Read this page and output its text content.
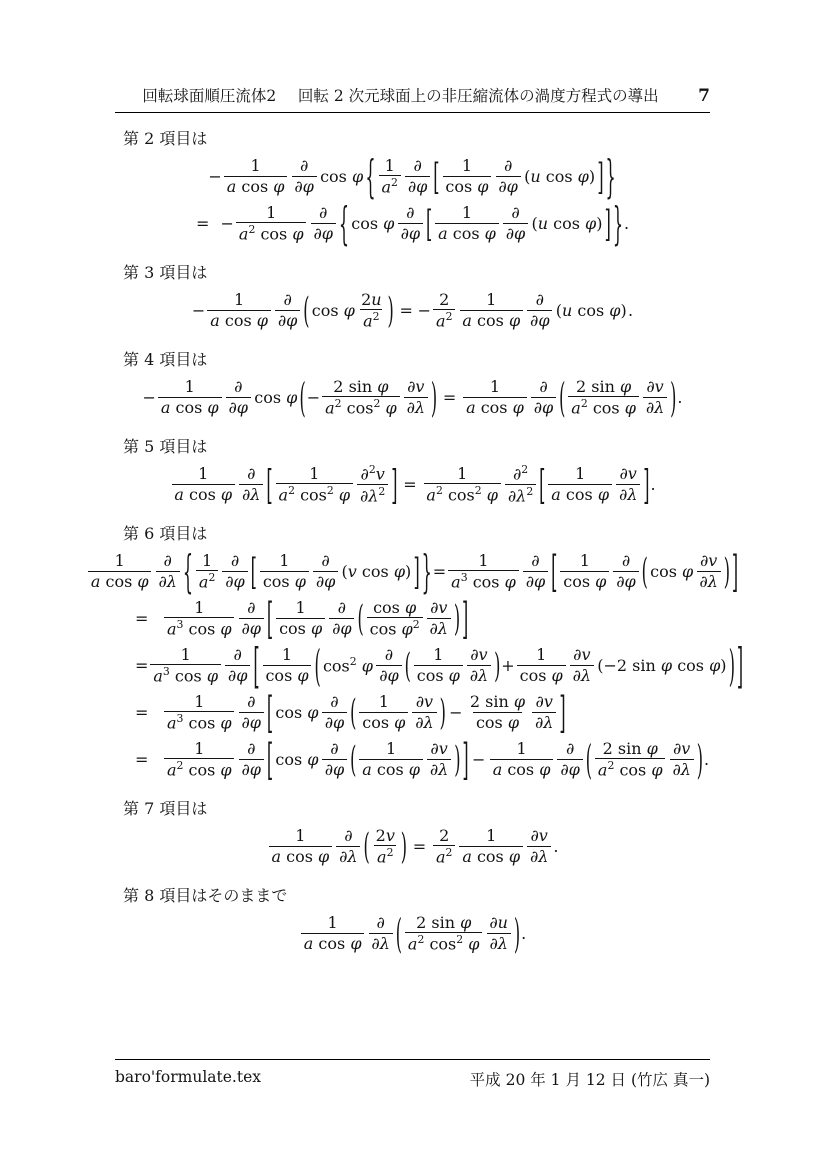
回転球面順圧流体2 回転 2 次元球面上の非圧縮流体の渦度方程式の導出	7
第 2 項目は
− $\frac{1}{\text{a cos φ}} \frac{\partial}{\partial\varphi}$ cos φ { $\frac{1}{a^2} \frac{\partial}{\partial\varphi}$ [ $\frac{1}{\text{cos φ}} \frac{\partial}{\partial\varphi} (u$ cos φ) ] }
= − $\frac{1}{a^2 \cos \varphi} \frac{\partial}{\partial\varphi}$ { cos φ $\frac{\partial}{\partial\varphi}$ [ $\frac{1}{\text{a cos φ}} \frac{\partial}{\partial\varphi} (u$ cos φ) ] } .
第 3 項目は
− $\frac{1}{\text{a cos φ}} \frac{\partial}{\partial\varphi}$ ( cos φ $\frac{2u}{a^2}$ ) = − $\frac{2}{a^2} \frac{1}{\text{a cos φ}} \frac{\partial}{\partial\varphi} (u$ cos φ) .
第 4 項目は
− $\frac{1}{\text{a cos φ}} \frac{\partial}{\partial\varphi}$ cos φ ( − $\frac{\text{2 sin φ}}{a^2 \cos^2 \varphi} \frac{\partial v}{\partial\lambda}$ ) = $\frac{1}{\text{a cos φ}} \frac{\partial}{\partial\varphi}$ ( $\frac{\text{2 sin φ}}{a^2 \cos \varphi} \frac{\partial v}{\partial\lambda}$ ) .
第 5 項目は
$\frac{1}{\text{a cos φ}} \frac{\partial}{\partial\lambda}$ [ $\frac{1}{a^2 \cos^2 \varphi} \frac{\partial^2v}{\partial\lambda^2}$ ] = $\frac{1}{a^2 \cos^2 \varphi} \frac{\partial^2}{\partial\lambda^2}$ [ $\frac{1}{\text{a cos φ}} \frac{\partial v}{\partial\lambda}$ ] .
第 6 項目は
$\frac{1}{\text{a cos φ}} \frac{\partial}{\partial\lambda}$ { $\frac{1}{a^2} \frac{\partial}{\partial\varphi}$ [ $\frac{1}{\text{cos φ}} \frac{\partial}{\partial\varphi} (v$ cos φ) ] } = $\frac{1}{a^3 \cos \varphi} \frac{\partial}{\partial\varphi}$ [ $\frac{1}{\text{cos φ}} \frac{\partial}{\partial\varphi}$ ( cos φ $\frac{\partial v}{\partial\lambda}$ ) ]
= $\frac{1}{a^3 \cos \varphi} \frac{\partial}{\partial\varphi}$ [ $\frac{1}{\text{cos φ}} \frac{\partial}{\partial\varphi}$ ( $\frac{\text{cos φ}}{\cos \varphi^2} \frac{\partial v}{\partial\lambda}$ ) ]
= $\frac{1}{a^3 \cos \varphi} \frac{\partial}{\partial\varphi}$ [ $\frac{1}{\text{cos φ}}$ ( $\cos^2 \varphi \frac{\partial}{\partial\varphi}$ ( $\frac{1}{\text{cos φ}} \frac{\partial v}{\partial\lambda}$ ) + $\frac{1}{\text{cos φ}} \frac{\partial v}{\partial\lambda} (-2$ sin φ cos φ) ) ]
= $\frac{1}{a^3 \cos \varphi} \frac{\partial}{\partial\varphi}$ [ cos φ $\frac{\partial}{\partial\varphi}$ ( $\frac{1}{\text{cos φ}} \frac{\partial v}{\partial\lambda}$ ) − $\frac{\text{2 sin φ}}{\text{cos φ}} \frac{\partial v}{\partial\lambda}$ ]
= $\frac{1}{a^2 \cos \varphi} \frac{\partial}{\partial\varphi}$ [ cos φ $\frac{\partial}{\partial\varphi}$ ( $\frac{1}{\text{a cos φ}} \frac{\partial v}{\partial\lambda}$ ) ] − $\frac{1}{\text{a cos φ}} \frac{\partial}{\partial\varphi}$ ( $\frac{\text{2 sin φ}}{a^2 \cos \varphi} \frac{\partial v}{\partial\lambda}$ ) .
第 7 項目は
$\frac{1}{\text{a cos φ}} \frac{\partial}{\partial\lambda}$ ( $\frac{2v}{a^2}$ ) = $\frac{2}{a^2} \frac{1}{\text{a cos φ}} \frac{\partial v}{\partial\lambda}$ .
第 8 項目はそのままで
$\frac{1}{\text{a cos φ}} \frac{\partial}{\partial\lambda}$ ( $\frac{\text{2 sin φ}}{a^2 \cos^2 \varphi} \frac{\partial u}{\partial\lambda}$ ) .
baro'formulate.tex	平成 20 年 1 月 12 日 (竹広 真一)
